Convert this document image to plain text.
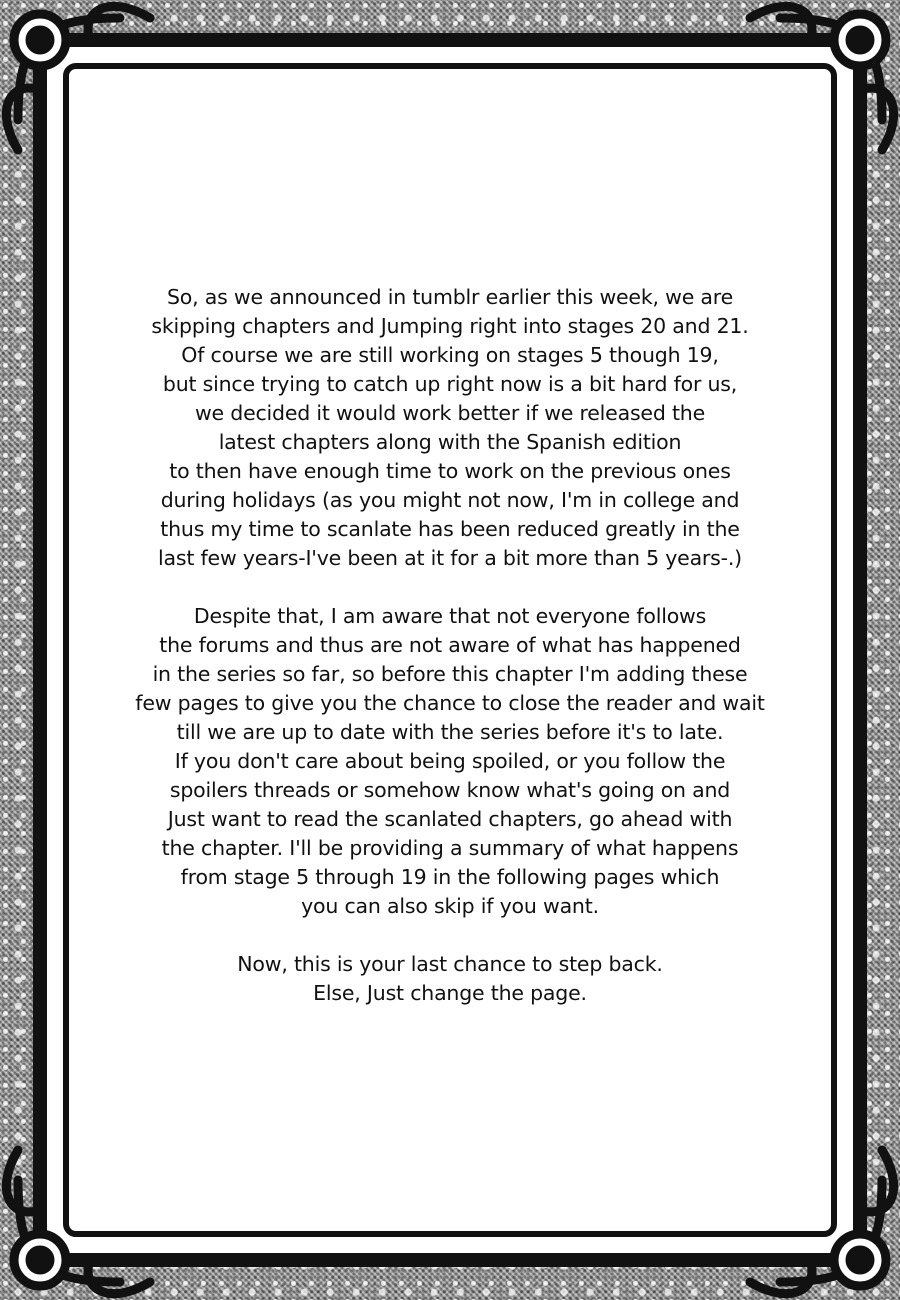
So, as we announced in tumblr earlier this week, we are
skipping chapters and Jumping right into stages 20 and 21.
Of course we are still working on stages 5 though 19,
but since trying to catch up right now is a bit hard for us,
we decided it would work better if we released the
latest chapters along with the Spanish edition
to then have enough time to work on the previous ones
during holidays (as you might not now, I'm in college and
thus my time to scanlate has been reduced greatly in the
last few years-I've been at it for a bit more than 5 years-.)

Despite that, I am aware that not everyone follows
the forums and thus are not aware of what has happened
in the series so far, so before this chapter I'm adding these
few pages to give you the chance to close the reader and wait
till we are up to date with the series before it's to late.
If you don't care about being spoiled, or you follow the
spoilers threads or somehow know what's going on and
Just want to read the scanlated chapters, go ahead with
the chapter. I'll be providing a summary of what happens
from stage 5 through 19 in the following pages which
you can also skip if you want.

Now, this is your last chance to step back.
Else, Just change the page.
